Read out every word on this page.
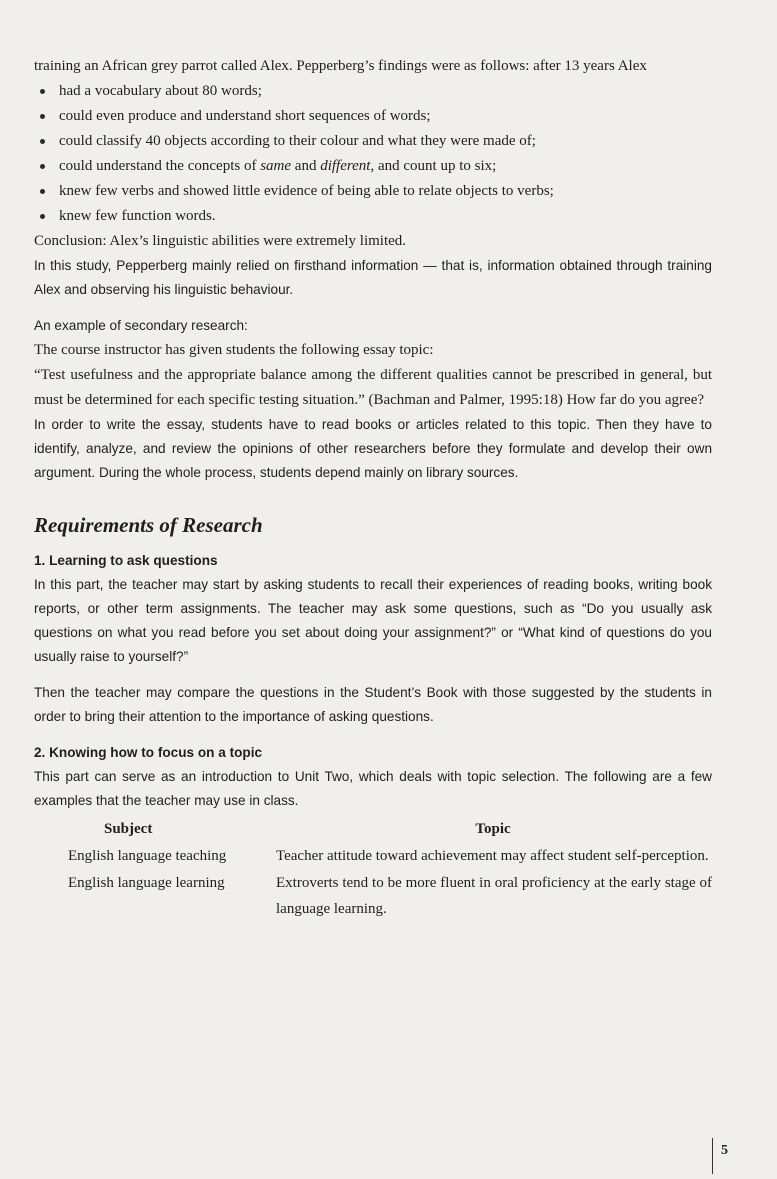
training an African grey parrot called Alex. Pepperberg’s findings were as follows: after 13 years Alex

had a vocabulary about 80 words;
could even produce and understand short sequences of words;
could classify 40 objects according to their colour and what they were made of;
could understand the concepts of same and different, and count up to six;
knew few verbs and showed little evidence of being able to relate objects to verbs;
knew few function words.

Conclusion: Alex’s linguistic abilities were extremely limited.

In this study, Pepperberg mainly relied on firsthand information — that is, information obtained through training Alex and observing his linguistic behaviour.

An example of secondary research:

The course instructor has given students the following essay topic:

“Test usefulness and the appropriate balance among the different qualities cannot be prescribed in general, but must be determined for each specific testing situation.” (Bachman and Palmer, 1995:18) How far do you agree?

In order to write the essay, students have to read books or articles related to this topic. Then they have to identify, analyze, and review the opinions of other researchers before they formulate and develop their own argument. During the whole process, students depend mainly on library sources.

Requirements of Research
1. Learning to ask questions

In this part, the teacher may start by asking students to recall their experiences of reading books, writing book reports, or other term assignments. The teacher may ask some questions, such as “Do you usually ask questions on what you read before you set about doing your assignment?” or “What kind of questions do you usually raise to yourself?”

Then the teacher may compare the questions in the Student’s Book with those suggested by the students in order to bring their attention to the importance of asking questions.

2. Knowing how to focus on a topic

This part can serve as an introduction to Unit Two, which deals with topic selection. The following are a few examples that the teacher may use in class.

Subject	Topic
English language teaching	Teacher attitude toward achievement may affect student self-perception.
English language learning	Extroverts tend to be more fluent in oral proficiency at the early stage of language learning.
5
